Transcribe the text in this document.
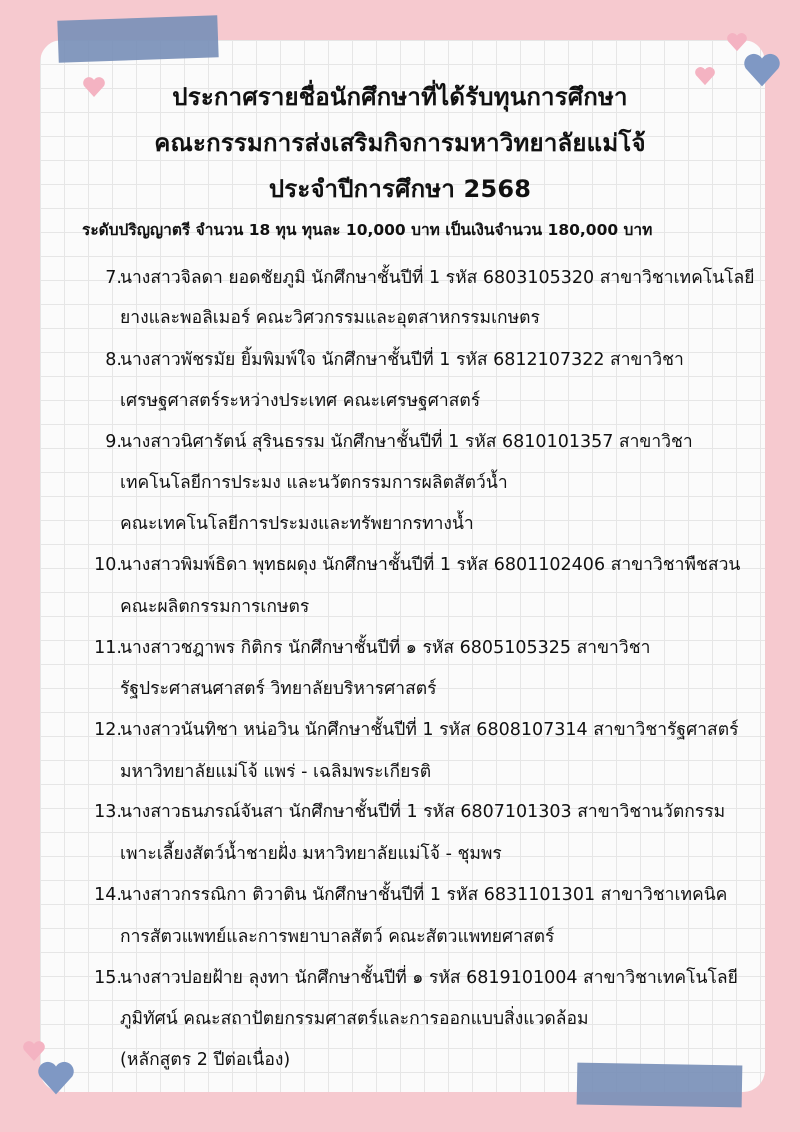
ประกาศรายชื่อนักศึกษาที่ได้รับทุนการศึกษา
คณะกรรมการส่งเสริมกิจการมหาวิทยาลัยแม่โจ้
ประจำปีการศึกษา 2568
ระดับปริญญาตรี จำนวน 18 ทุน ทุนละ 10,000 บาท เป็นเงินจำนวน 180,000 บาท
7.
นางสาวจิลดา ยอดชัยภูมิ นักศึกษาชั้นปีที่ 1 รหัส 6803105320 สาขาวิชาเทคโนโลยี
ยางและพอลิเมอร์ คณะวิศวกรรมและอุตสาหกรรมเกษตร
8.
นางสาวพัชรมัย ยิ้มพิมพ์ใจ นักศึกษาชั้นปีที่ 1 รหัส 6812107322 สาขาวิชา
เศรษฐศาสตร์ระหว่างประเทศ คณะเศรษฐศาสตร์
9.
นางสาวนิศารัตน์ สุรินธรรม นักศึกษาชั้นปีที่ 1 รหัส 6810101357 สาขาวิชา
เทคโนโลยีการประมง และนวัตกรรมการผลิตสัตว์น้ำ
คณะเทคโนโลยีการประมงและทรัพยากรทางน้ำ
10.
นางสาวพิมพ์ธิดา พุทธผดุง นักศึกษาชั้นปีที่ 1 รหัส 6801102406 สาขาวิชาพืชสวน
คณะผลิตกรรมการเกษตร
11.
นางสาวชฎาพร กิติกร นักศึกษาชั้นปีที่ ๑ รหัส 6805105325 สาขาวิชา
รัฐประศาสนศาสตร์ วิทยาลัยบริหารศาสตร์
12.
นางสาวนันทิชา หน่อวิน นักศึกษาชั้นปีที่ 1 รหัส 6808107314 สาขาวิชารัฐศาสตร์
มหาวิทยาลัยแม่โจ้ แพร่ - เฉลิมพระเกียรติ
13.
นางสาวธนภรณ์จันสา นักศึกษาชั้นปีที่ 1 รหัส 6807101303 สาขาวิชานวัตกรรม
เพาะเลี้ยงสัตว์น้ำชายฝั่ง มหาวิทยาลัยแม่โจ้ - ชุมพร
14.
นางสาวกรรณิกา ติวาติน นักศึกษาชั้นปีที่ 1 รหัส 6831101301 สาขาวิชาเทคนิค
การสัตวแพทย์และการพยาบาลสัตว์ คณะสัตวแพทยศาสตร์
15.
นางสาวปอยฝ้าย ลุงทา นักศึกษาชั้นปีที่ ๑ รหัส 6819101004 สาขาวิชาเทคโนโลยี
ภูมิทัศน์ คณะสถาปัตยกรรมศาสตร์และการออกแบบสิ่งแวดล้อม
(หลักสูตร 2 ปีต่อเนื่อง)
